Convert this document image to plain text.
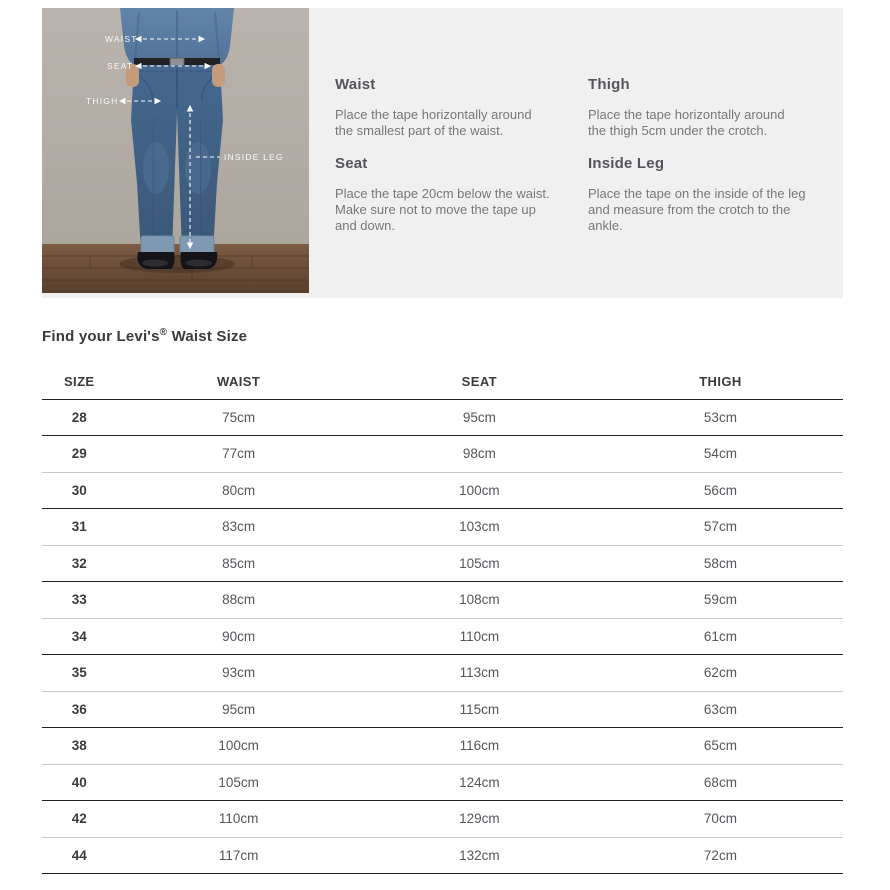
WAIST
SEAT
THIGH
INSIDE LEG
Waist
Place the tape horizontally around the smallest part of the waist.
Seat
Place the tape 20cm below the waist. Make sure not to move the tape up and down.
Thigh
Place the tape horizontally around the thigh 5cm under the crotch.
Inside Leg
Place the tape on the inside of the leg and measure from the crotch to the ankle.
Find your Levi's® Waist Size
SIZE	WAIST	SEAT	THIGH
28	75cm	95cm	53cm
29	77cm	98cm	54cm
30	80cm	100cm	56cm
31	83cm	103cm	57cm
32	85cm	105cm	58cm
33	88cm	108cm	59cm
34	90cm	110cm	61cm
35	93cm	113cm	62cm
36	95cm	115cm	63cm
38	100cm	116cm	65cm
40	105cm	124cm	68cm
42	110cm	129cm	70cm
44	117cm	132cm	72cm
